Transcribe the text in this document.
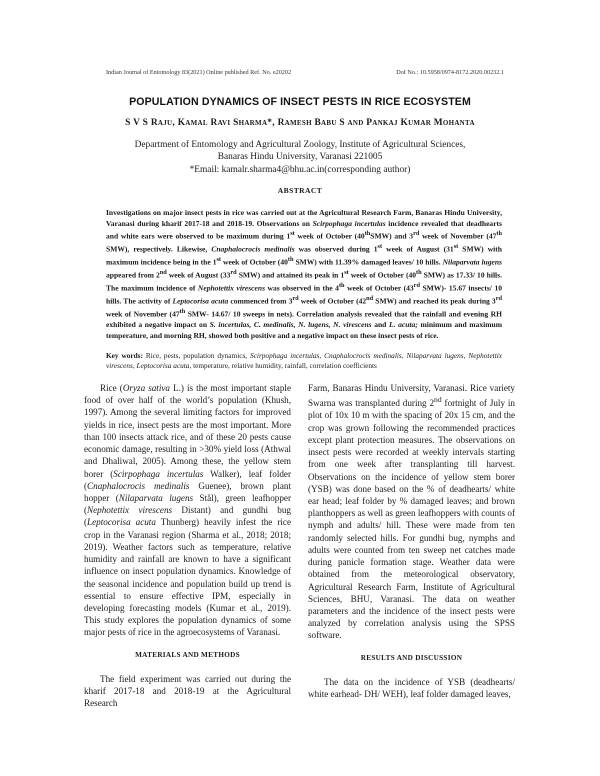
Indian Journal of Entomology 83(2021) Online published Ref. No. e20202	DoI No.: 10.5958/0974-8172.2020.00232.1
POPULATION DYNAMICS OF INSECT PESTS IN RICE ECOSYSTEM
S V S Raju, Kamal Ravi Sharma*, Ramesh Babu S and Pankaj Kumar Mohanta
Department of Entomology and Agricultural Zoology, Institute of Agricultural Sciences,
Banaras Hindu University, Varanasi 221005
*Email: kamalr.sharma4@bhu.ac.in(corresponding author)
ABSTRACT
Investigations on major insect pests in rice was carried out at the Agricultural Research Farm, Banaras Hindu University, Varanasi during kharif 2017-18 and 2018-19. Observations on Scirpophaga incertulas incidence revealed that deadhearts and white ears were observed to be maximum during 1st week of October (40thSMW) and 3rd week of November (47th SMW), respectively. Likewise, Cnaphalocrocis medinalis was observed during 1st week of August (31st SMW) with maximum incidence being in the 1st week of October (40th SMW) with 11.39% damaged leaves/ 10 hills. Nilaparvata lugens appeared from 2nd week of August (33rd SMW) and attained its peak in 1st week of October (40th SMW) as 17.33/ 10 hills. The maximum incidence of Nephotettix virescens was observed in the 4th week of October (43rd SMW)- 15.67 insects/ 10 hills. The activity of Leptocorisa acuta commenced from 3rd week of October (42nd SMW) and reached its peak during 3rd week of November (47th SMW- 14.67/ 10 sweeps in nets). Correlation analysis revealed that the rainfall and evening RH exhibited a negative impact on S. incertulas, C. medinalis, N. lugens, N. virescens and L. acuta; minimum and maximum temperature, and morning RH, showed both positive and a negative impact on these insect pests of rice.
Key words: Rice, pests, population dynamics, Scirpophaga incertulas, Cnaphalocrocis medinalis, Nilaparvata lugens, Nephotettix virescens, Leptocorisa acuta, temperature, relative humidity, rainfall, correlation coefficients

Rice (Oryza sativa L.) is the most important staple food of over half of the world’s population (Khush, 1997). Among the several limiting factors for improved yields in rice, insect pests are the most important. More than 100 insects attack rice, and of these 20 pests cause economic damage, resulting in >30% yield loss (Athwal and Dhaliwal, 2005). Among these, the yellow stem borer (Scirpophaga incertulas Walker), leaf folder (Cnaphalocrocis medinalis Guenee), brown plant hopper (Nilaparvata lugens Stål), green leafhopper (Nephotettix virescens Distant) and gundhi bug (Leptocorisa acuta Thunberg) heavily infest the rice crop in the Varanasi region (Sharma et al., 2018; 2018; 2019). Weather factors such as temperature, relative humidity and rainfall are known to have a significant influence on insect population dynamics. Knowledge of the seasonal incidence and population build up trend is essential to ensure effective IPM, especially in developing forecasting models (Kumar et al., 2019). This study explores the population dynamics of some major pests of rice in the agroecosystems of Varanasi.

MATERIALS AND METHODS

The field experiment was carried out during the kharif 2017-18 and 2018-19 at the Agricultural Research

Farm, Banaras Hindu University, Varanasi. Rice variety Swarna was transplanted during 2nd fortnight of July in plot of 10x 10 m with the spacing of 20x 15 cm, and the crop was grown following the recommended practices except plant protection measures. The observations on insect pests were recorded at weekly intervals starting from one week after transplanting till harvest. Observations on the incidence of yellow stem borer (YSB) was done based on the % of deadhearts/ white ear head; leaf folder by % damaged leaves; and brown planthoppers as well as green leafhoppers with counts of nymph and adults/ hill. These were made from ten randomly selected hills. For gundhi bug, nymphs and adults were counted from ten sweep net catches made during panicle formation stage. Weather data were obtained from the meteorological observatory, Agricultural Research Farm, Institute of Agricultural Sciences, BHU, Varanasi. The data on weather parameters and the incidence of the insect pests were analyzed by correlation analysis using the SPSS software.

RESULTS AND DISCUSSION

The data on the incidence of YSB (deadhearts/ white earhead- DH/ WEH), leaf folder damaged leaves,
